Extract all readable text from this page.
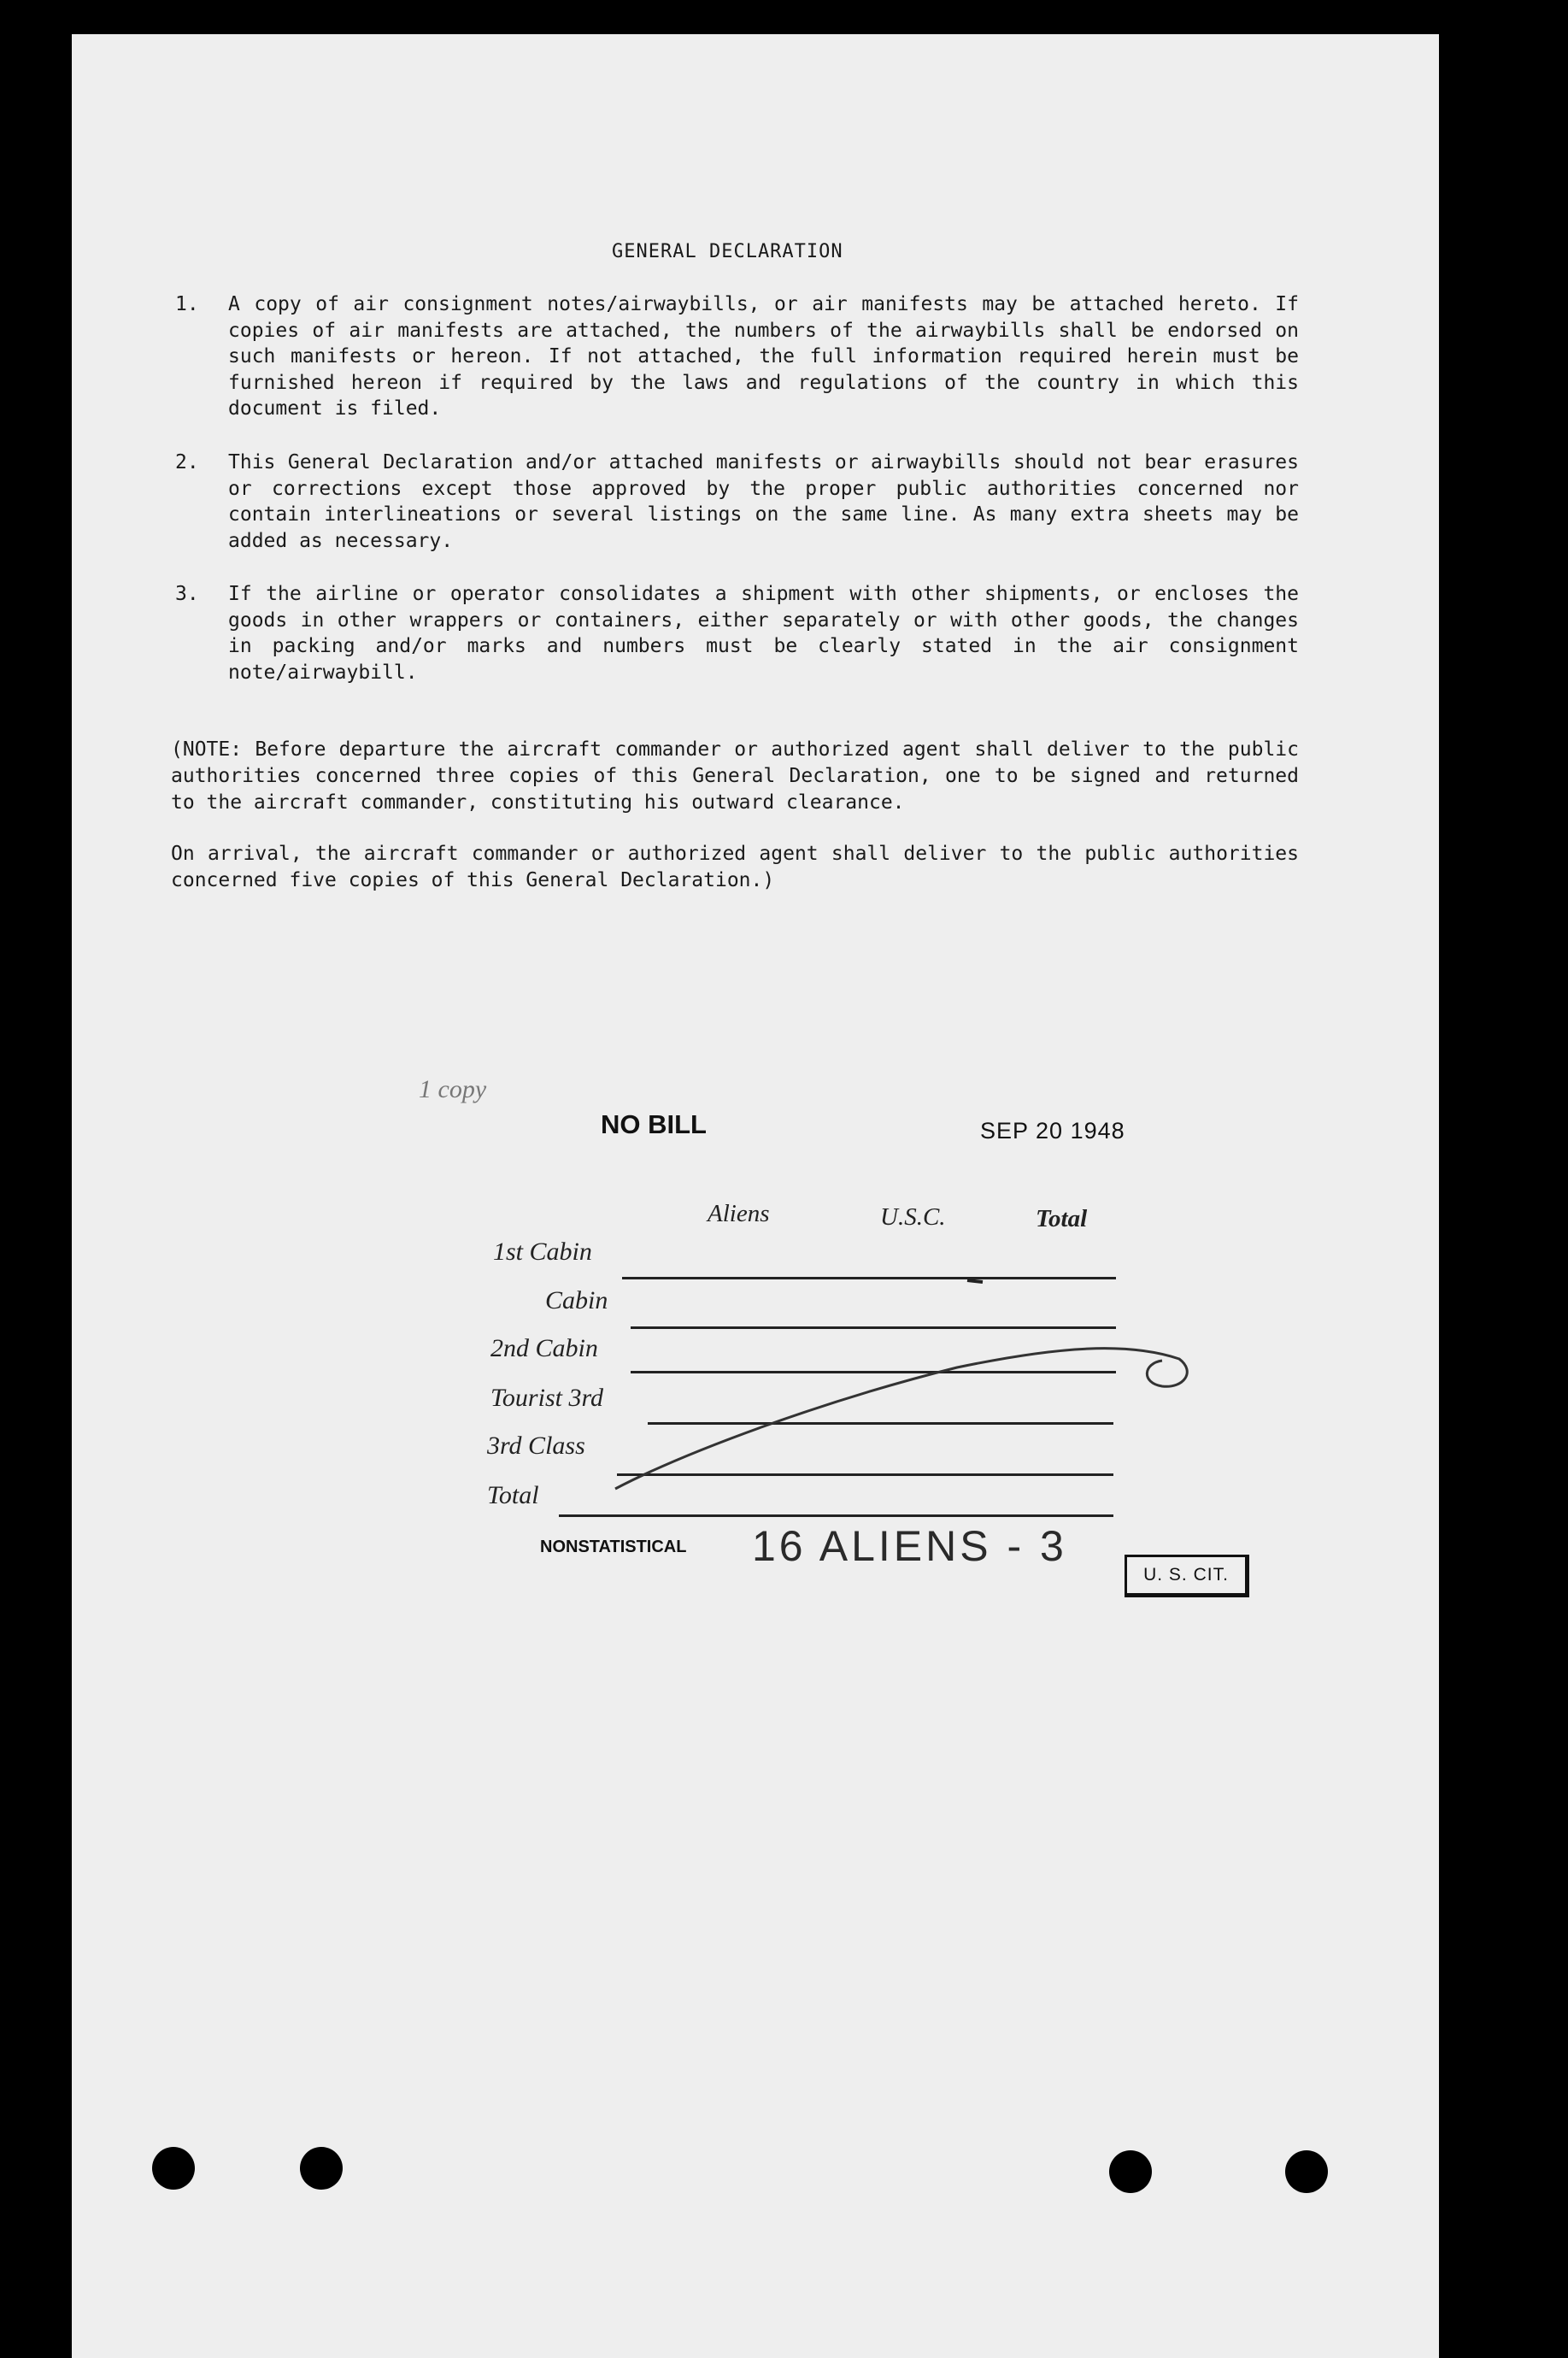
GENERAL DECLARATION
1. A copy of air consignment notes/airwaybills, or air manifests may be attached hereto. If copies of air manifests are attached, the numbers of the airwaybills shall be endorsed on such manifests or hereon. If not attached, the full information required herein must be furnished hereon if required by the laws and regulations of the country in which this document is filed.
2. This General Declaration and/or attached manifests or airwaybills should not bear erasures or corrections except those approved by the proper public authorities concerned nor contain interlineations or several listings on the same line. As many extra sheets may be added as necessary.
3. If the airline or operator consolidates a shipment with other shipments, or encloses the goods in other wrappers or containers, either separately or with other goods, the changes in packing and/or marks and numbers must be clearly stated in the air consignment note/airwaybill.
(NOTE: Before departure the aircraft commander or authorized agent shall deliver to the public authorities concerned three copies of this General Declaration, one to be signed and returned to the aircraft commander, constituting his outward clearance.
On arrival, the aircraft commander or authorized agent shall deliver to the public authorities concerned five copies of this General Declaration.)
1 copy
NO BILL	SEP 20 1948
Aliens	U.S.C.	Total
1st Cabin
Cabin
2nd Cabin
Tourist 3rd
3rd Class
Total
NONSTATISTICAL 16 ALIENS - 3
U. S. CIT.
